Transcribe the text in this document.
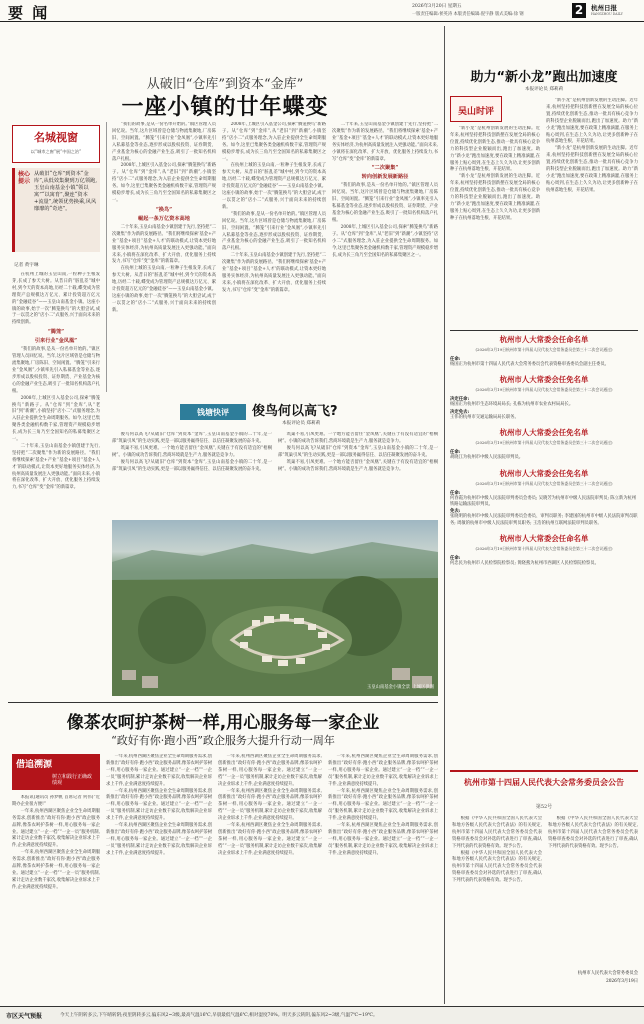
要 闻	2026年3月20日 星期五
一版责任编辑:侯英涛 本版责任编辑:倪宇静 版式美编:徐 钢	2	杭州日报
HANGZHOU DAILY
从破旧“仓库”到资本“金库”
一座小镇的廿年蝶变
名城视窗
以“城市之窗”展“中国之治”
核心提示
从破旧“仓库”到资本“金库”,从低效集聚到万亿领跑,玉皇山南基金小镇“领以寓”“以寓育”,聚连“资本+流量”,统领优势换乘,风风靡靡的“奇迹”。
记者 黄宇琳

在杭州上城的玉皇山南,一粒种子生根发芽,长成了参天大树。从昔日的“脏乱差”城中村,到今天的资本高地,历经二十载,蝶变成为管理资产总规模达万亿元、累计投资超万亿元的“金融硅谷”——玉皇山南基金小镇。这座小镇的故事,始于一次“腾笼换鸟”的大胆尝试,成于一以贯之的“店小二”式服务,兴于面向未来的持续创新。

“腾笼”
引来行业“金凤凰”

“我们的故事,是从一份名单开始的。”镇区管理人员回忆说。当年,这片区域曾是仓储与物流集聚地,厂房陈旧、空间闲置。“腾笼”引来行业“金凤凰”,小镇率先引入私募基金等业态,逐步形成以股权投资、证券期货、产业基金为核心的金融产业生态,吸引了一批知名机构落户扎根。

2008年,上城区引入基金公司,探索“腾笼换鸟”新路子。从“仓库”到“金库”,从“老旧”到“新潮”,小镇坚持“店小二”式服务理念,为入驻企业提供全生命周期服务。如今,这里已集聚各类金融机构数千家,管理资产规模稳步增长,成为长三角乃至全国知名的私募集聚区之一。

二十年来,玉皇山南基金小镇创建于先行,坚持把“二次聚集”作为新的发展路径。“我们将继续探索‘基金+产业’‘基金+项目’‘基金+人才’的联动模式,让资本更好地服务实体经济,为杭州高质量发展注入更强动能。”面向未来,小镇将在深化改革、扩大开放、优化服务上持续发力,书写“仓库”变“金库”的新篇章。

“我们的故事,是从一份名单开始的。”镇区管理人员回忆说。当年,这片区域曾是仓储与物流集聚地,厂房陈旧、空间闲置。“腾笼”引来行业“金凤凰”,小镇率先引入私募基金等业态,逐步形成以股权投资、证券期货、产业基金为核心的金融产业生态,吸引了一批知名机构落户扎根。

2008年,上城区引入基金公司,探索“腾笼换鸟”新路子。从“仓库”到“金库”,从“老旧”到“新潮”,小镇坚持“店小二”式服务理念,为入驻企业提供全生命周期服务。如今,这里已集聚各类金融机构数千家,管理资产规模稳步增长,成为长三角乃至全国知名的私募集聚区之一。

“换鸟”
崛起一条万亿资本高地

二十年来,玉皇山南基金小镇创建于先行,坚持把“二次聚集”作为新的发展路径。“我们将继续探索‘基金+产业’‘基金+项目’‘基金+人才’的联动模式,让资本更好地服务实体经济,为杭州高质量发展注入更强动能。”面向未来,小镇将在深化改革、扩大开放、优化服务上持续发力,书写“仓库”变“金库”的新篇章。

在杭州上城的玉皇山南,一粒种子生根发芽,长成了参天大树。从昔日的“脏乱差”城中村,到今天的资本高地,历经二十载,蝶变成为管理资产总规模达万亿元、累计投资超万亿元的“金融硅谷”——玉皇山南基金小镇。这座小镇的故事,始于一次“腾笼换鸟”的大胆尝试,成于一以贯之的“店小二”式服务,兴于面向未来的持续创新。

2008年,上城区引入基金公司,探索“腾笼换鸟”新路子。从“仓库”到“金库”,从“老旧”到“新潮”,小镇坚持“店小二”式服务理念,为入驻企业提供全生命周期服务。如今,这里已集聚各类金融机构数千家,管理资产规模稳步增长,成为长三角乃至全国知名的私募集聚区之一。

在杭州上城的玉皇山南,一粒种子生根发芽,长成了参天大树。从昔日的“脏乱差”城中村,到今天的资本高地,历经二十载,蝶变成为管理资产总规模达万亿元、累计投资超万亿元的“金融硅谷”——玉皇山南基金小镇。这座小镇的故事,始于一次“腾笼换鸟”的大胆尝试,成于一以贯之的“店小二”式服务,兴于面向未来的持续创新。

“我们的故事,是从一份名单开始的。”镇区管理人员回忆说。当年,这片区域曾是仓储与物流集聚地,厂房陈旧、空间闲置。“腾笼”引来行业“金凤凰”,小镇率先引入私募基金等业态,逐步形成以股权投资、证券期货、产业基金为核心的金融产业生态,吸引了一批知名机构落户扎根。

二十年来,玉皇山南基金小镇创建于先行,坚持把“二次聚集”作为新的发展路径。“我们将继续探索‘基金+产业’‘基金+项目’‘基金+人才’的联动模式,让资本更好地服务实体经济,为杭州高质量发展注入更强动能。”面向未来,小镇将在深化改革、扩大开放、优化服务上持续发力,书写“仓库”变“金库”的新篇章。

二十年来,玉皇山南基金小镇创建于先行,坚持把“二次聚集”作为新的发展路径。“我们将继续探索‘基金+产业’‘基金+项目’‘基金+人才’的联动模式,让资本更好地服务实体经济,为杭州高质量发展注入更强动能。”面向未来,小镇将在深化改革、扩大开放、优化服务上持续发力,书写“仓库”变“金库”的新篇章。

“二次聚集”
转向创新发展新路径

“我们的故事,是从一份名单开始的。”镇区管理人员回忆说。当年,这片区域曾是仓储与物流集聚地,厂房陈旧、空间闲置。“腾笼”引来行业“金凤凰”,小镇率先引入私募基金等业态,逐步形成以股权投资、证券期货、产业基金为核心的金融产业生态,吸引了一批知名机构落户扎根。

2008年,上城区引入基金公司,探索“腾笼换鸟”新路子。从“仓库”到“金库”,从“老旧”到“新潮”,小镇坚持“店小二”式服务理念,为入驻企业提供全生命周期服务。如今,这里已集聚各类金融机构数千家,管理资产规模稳步增长,成为长三角乃至全国知名的私募集聚区之一。

钱塘快评	俊鸟何以高飞?
本报评论员 郑莉莉

俊鸟何以高飞?从破旧“仓库”到资本“金库”,玉皇山南基金小镇的二十年,是一部“筑巢引凤”的生动实践,更是一部以服务赢得信任、以信任凝聚发展的奋斗史。

筑巢不易,引凤更难。一个地方能否留住“金凤凰”,关键在于有没有适宜的“梧桐树”。小镇的成功告诉我们,营商环境就是生产力,服务就是竞争力。

俊鸟何以高飞?从破旧“仓库”到资本“金库”,玉皇山南基金小镇的二十年,是一部“筑巢引凤”的生动实践,更是一部以服务赢得信任、以信任凝聚发展的奋斗史。

筑巢不易,引凤更难。一个地方能否留住“金凤凰”,关键在于有没有适宜的“梧桐树”。小镇的成功告诉我们,营商环境就是生产力,服务就是竞争力。

俊鸟何以高飞?从破旧“仓库”到资本“金库”,玉皇山南基金小镇的二十年,是一部“筑巢引凤”的生动实践,更是一部以服务赢得信任、以信任凝聚发展的奋斗史。

筑巢不易,引凤更难。一个地方能否留住“金凤凰”,关键在于有没有适宜的“梧桐树”。小镇的成功告诉我们,营商环境就是生产力,服务就是竞争力。

玉皇山南基金小镇全景 上城区供图
像茶农呵护茶树一样,用心服务每一家企业
“政好有你·跑小西”政企服务大提升行动一周年
借追溯源
树立和践行正确政绩观

本报讯(通讯员 孙梦帆 首席记者 何伟)“近期办企业很方便!”

一年来,杭州西湖区聚焦企业全生命周期服务需求,创新推出“政好有你·跑小西”政企服务品牌,像茶农呵护茶树一样,用心服务每一家企业。通过建立“一企一档”“一企一员”服务机制,累计走访企业数千家次,收集解决企业诉求上千件,企业满意度持续提升。

一年来,杭州西湖区聚焦企业全生命周期服务需求,创新推出“政好有你·跑小西”政企服务品牌,像茶农呵护茶树一样,用心服务每一家企业。通过建立“一企一档”“一企一员”服务机制,累计走访企业数千家次,收集解决企业诉求上千件,企业满意度持续提升。

一年来,杭州西湖区聚焦企业全生命周期服务需求,创新推出“政好有你·跑小西”政企服务品牌,像茶农呵护茶树一样,用心服务每一家企业。通过建立“一企一档”“一企一员”服务机制,累计走访企业数千家次,收集解决企业诉求上千件,企业满意度持续提升。

一年来,杭州西湖区聚焦企业全生命周期服务需求,创新推出“政好有你·跑小西”政企服务品牌,像茶农呵护茶树一样,用心服务每一家企业。通过建立“一企一档”“一企一员”服务机制,累计走访企业数千家次,收集解决企业诉求上千件,企业满意度持续提升。

一年来,杭州西湖区聚焦企业全生命周期服务需求,创新推出“政好有你·跑小西”政企服务品牌,像茶农呵护茶树一样,用心服务每一家企业。通过建立“一企一档”“一企一员”服务机制,累计走访企业数千家次,收集解决企业诉求上千件,企业满意度持续提升。

一年来,杭州西湖区聚焦企业全生命周期服务需求,创新推出“政好有你·跑小西”政企服务品牌,像茶农呵护茶树一样,用心服务每一家企业。通过建立“一企一档”“一企一员”服务机制,累计走访企业数千家次,收集解决企业诉求上千件,企业满意度持续提升。

一年来,杭州西湖区聚焦企业全生命周期服务需求,创新推出“政好有你·跑小西”政企服务品牌,像茶农呵护茶树一样,用心服务每一家企业。通过建立“一企一档”“一企一员”服务机制,累计走访企业数千家次,收集解决企业诉求上千件,企业满意度持续提升。

一年来,杭州西湖区聚焦企业全生命周期服务需求,创新推出“政好有你·跑小西”政企服务品牌,像茶农呵护茶树一样,用心服务每一家企业。通过建立“一企一档”“一企一员”服务机制,累计走访企业数千家次,收集解决企业诉求上千件,企业满意度持续提升。

一年来,杭州西湖区聚焦企业全生命周期服务需求,创新推出“政好有你·跑小西”政企服务品牌,像茶农呵护茶树一样,用心服务每一家企业。通过建立“一企一档”“一企一员”服务机制,累计走访企业数千家次,收集解决企业诉求上千件,企业满意度持续提升。

一年来,杭州西湖区聚焦企业全生命周期服务需求,创新推出“政好有你·跑小西”政企服务品牌,像茶农呵护茶树一样,用心服务每一家企业。通过建立“一企一档”“一企一员”服务机制,累计走访企业数千家次,收集解决企业诉求上千件,企业满意度持续提升。

一年来,杭州西湖区聚焦企业全生命周期服务需求,创新推出“政好有你·跑小西”政企服务品牌,像茶农呵护茶树一样,用心服务每一家企业。通过建立“一企一档”“一企一员”服务机制,累计走访企业数千家次,收集解决企业诉求上千件,企业满意度持续提升。

助力“新小龙”跑出加速度
本报评论员 郑莉莉
吴山时评

“新小龙”是杭州创新发展的生动注脚。近年来,杭州坚持把科技创新摆在发展全局的核心位置,持续优化创新生态,推动一批具有核心竞争力的科技型企业脱颖而出,跑出了加速度。助力“新小龙”跑出加速度,要在政策上精准滴灌,在服务上贴心周到,在生态上久久为功,让更多创新种子在杭州落地生根、开花结果。

“新小龙”是杭州创新发展的生动注脚。近年来,杭州坚持把科技创新摆在发展全局的核心位置,持续优化创新生态,推动一批具有核心竞争力的科技型企业脱颖而出,跑出了加速度。助力“新小龙”跑出加速度,要在政策上精准滴灌,在服务上贴心周到,在生态上久久为功,让更多创新种子在杭州落地生根、开花结果。

“新小龙”是杭州创新发展的生动注脚。近年来,杭州坚持把科技创新摆在发展全局的核心位置,持续优化创新生态,推动一批具有核心竞争力的科技型企业脱颖而出,跑出了加速度。助力“新小龙”跑出加速度,要在政策上精准滴灌,在服务上贴心周到,在生态上久久为功,让更多创新种子在杭州落地生根、开花结果。

“新小龙”是杭州创新发展的生动注脚。近年来,杭州坚持把科技创新摆在发展全局的核心位置,持续优化创新生态,推动一批具有核心竞争力的科技型企业脱颖而出,跑出了加速度。助力“新小龙”跑出加速度,要在政策上精准滴灌,在服务上贴心周到,在生态上久久为功,让更多创新种子在杭州落地生根、开花结果。

杭州市人大常委会任命名单
(2026年3月19日杭州市第十四届人民代表大会常务委员会第三十二次会议通过)
任命:
杨国正为杭州市第十四届人民代表大会常务委员会代表资格审查委员会副主任委员。
杭州市人大常委会任免名单
(2026年3月19日杭州市第十四届人民代表大会常务委员会第三十二次会议通过)
决定任命:
杨国正为杭州市生态环境局局长; 孔栋为杭州市农业农村局局长。
决定免去:
王伟的杭州市交通运输局局长职务。
杭州市人大常委会任免名单
(2026年3月19日杭州市第十四届人民代表大会常务委员会第三十二次会议通过)
任命:
胡晓江为杭州市中级人民法院审判员。
杭州市人大常委会任免名单
(2026年3月19日杭州市第十四届人民代表大会常务委员会第三十二次会议通过)
任命:
何春霞为杭州市中级人民法院审判委员会委员; 吴晓芳为杭州市中级人民法院审判员; 陈立新为杭州铁路运输法院审判员。
免去:
张晓明的杭州市中级人民法院审判委员会委员、审判员职务; 李建国的杭州市中级人民法院审判员职务; 周敏的杭州市中级人民法院审判员职务; 王浩的杭州互联网法院审判员职务。
杭州市人大常委会任命名单
(2026年3月19日杭州市第十四届人民代表大会常务委员会第三十二次会议通过)
任命:
何忠民为杭州市人民检察院检察员; 黄晓燕为杭州市西湖区人民检察院检察员。
杭州市第十四届人民代表大会常务委员会公告
第52号

根据《中华人民共和国全国人民代表大会和地方各级人民代表大会代表法》的有关规定,杭州市第十四届人民代表大会常务委员会代表资格审查委员会对补选的代表进行了审查,确认下列代表的代表资格有效。现予公告。

根据《中华人民共和国全国人民代表大会和地方各级人民代表大会代表法》的有关规定,杭州市第十四届人民代表大会常务委员会代表资格审查委员会对补选的代表进行了审查,确认下列代表的代表资格有效。现予公告。

根据《中华人民共和国全国人民代表大会和地方各级人民代表大会代表法》的有关规定,杭州市第十四届人民代表大会常务委员会代表资格审查委员会对补选的代表进行了审查,确认下列代表的代表资格有效。现予公告。

杭州市人民代表大会常务委员会
2026年3月19日
市区天气预报	今天上午阴转多云,下午晴转阴;夜里阴转多云,偏东风2~3级,最高气温16℃,早晨最低气温6℃,相对湿度70%。明天多云转阴,偏东风2~3级,气温7℃~19℃。
